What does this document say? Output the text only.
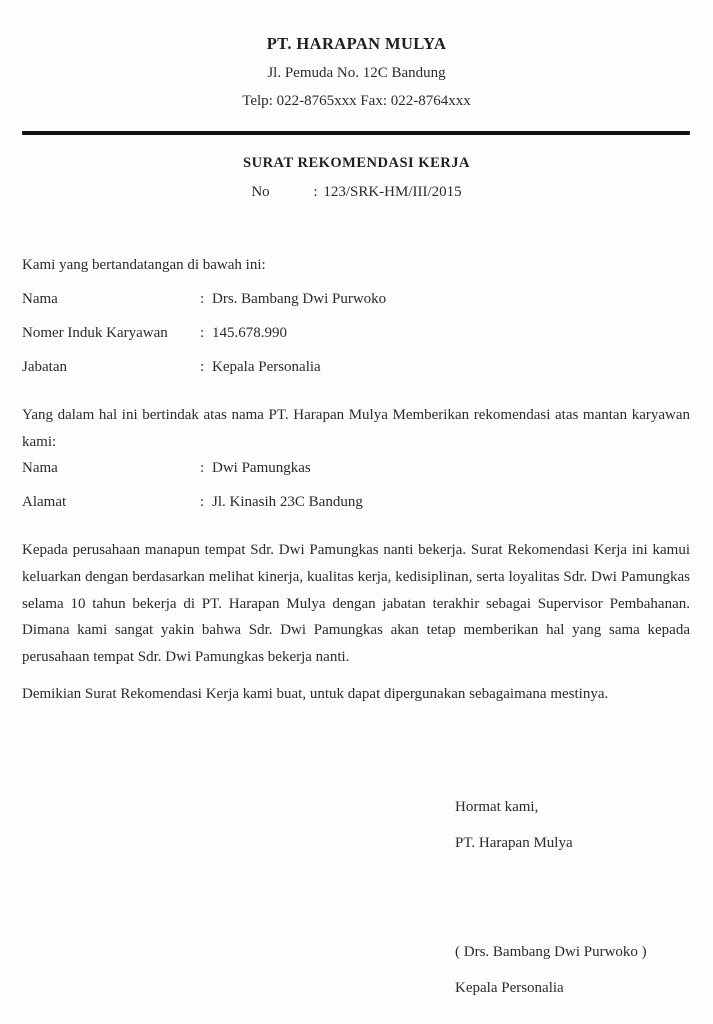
PT. HARAPAN MULYA
Jl. Pemuda No. 12C Bandung
Telp: 022-8765xxx Fax: 022-8764xxx
SURAT REKOMENDASI KERJA
No	: 123/SRK-HM/III/2015
Kami yang bertandatangan di bawah ini:
Nama	: Drs. Bambang Dwi Purwoko
Nomer Induk Karyawan	: 145.678.990
Jabatan	: Kepala Personalia

Yang dalam hal ini bertindak atas nama PT. Harapan Mulya Memberikan rekomendasi atas mantan karyawan kami:

Nama	: Dwi Pamungkas
Alamat	: Jl. Kinasih 23C Bandung

Kepada perusahaan manapun tempat Sdr. Dwi Pamungkas nanti bekerja. Surat Rekomendasi Kerja ini kamui keluarkan dengan berdasarkan melihat kinerja, kualitas kerja, kedisiplinan, serta loyalitas Sdr. Dwi Pamungkas selama 10 tahun bekerja di PT. Harapan Mulya dengan jabatan terakhir sebagai Supervisor Pembahanan. Dimana kami sangat yakin bahwa Sdr. Dwi Pamungkas akan tetap memberikan hal yang sama kepada perusahaan tempat Sdr. Dwi Pamungkas bekerja nanti.

Demikian Surat Rekomendasi Kerja kami buat, untuk dapat dipergunakan sebagaimana mestinya.

Hormat kami,
PT. Harapan Mulya
( Drs. Bambang Dwi Purwoko )
Kepala Personalia
